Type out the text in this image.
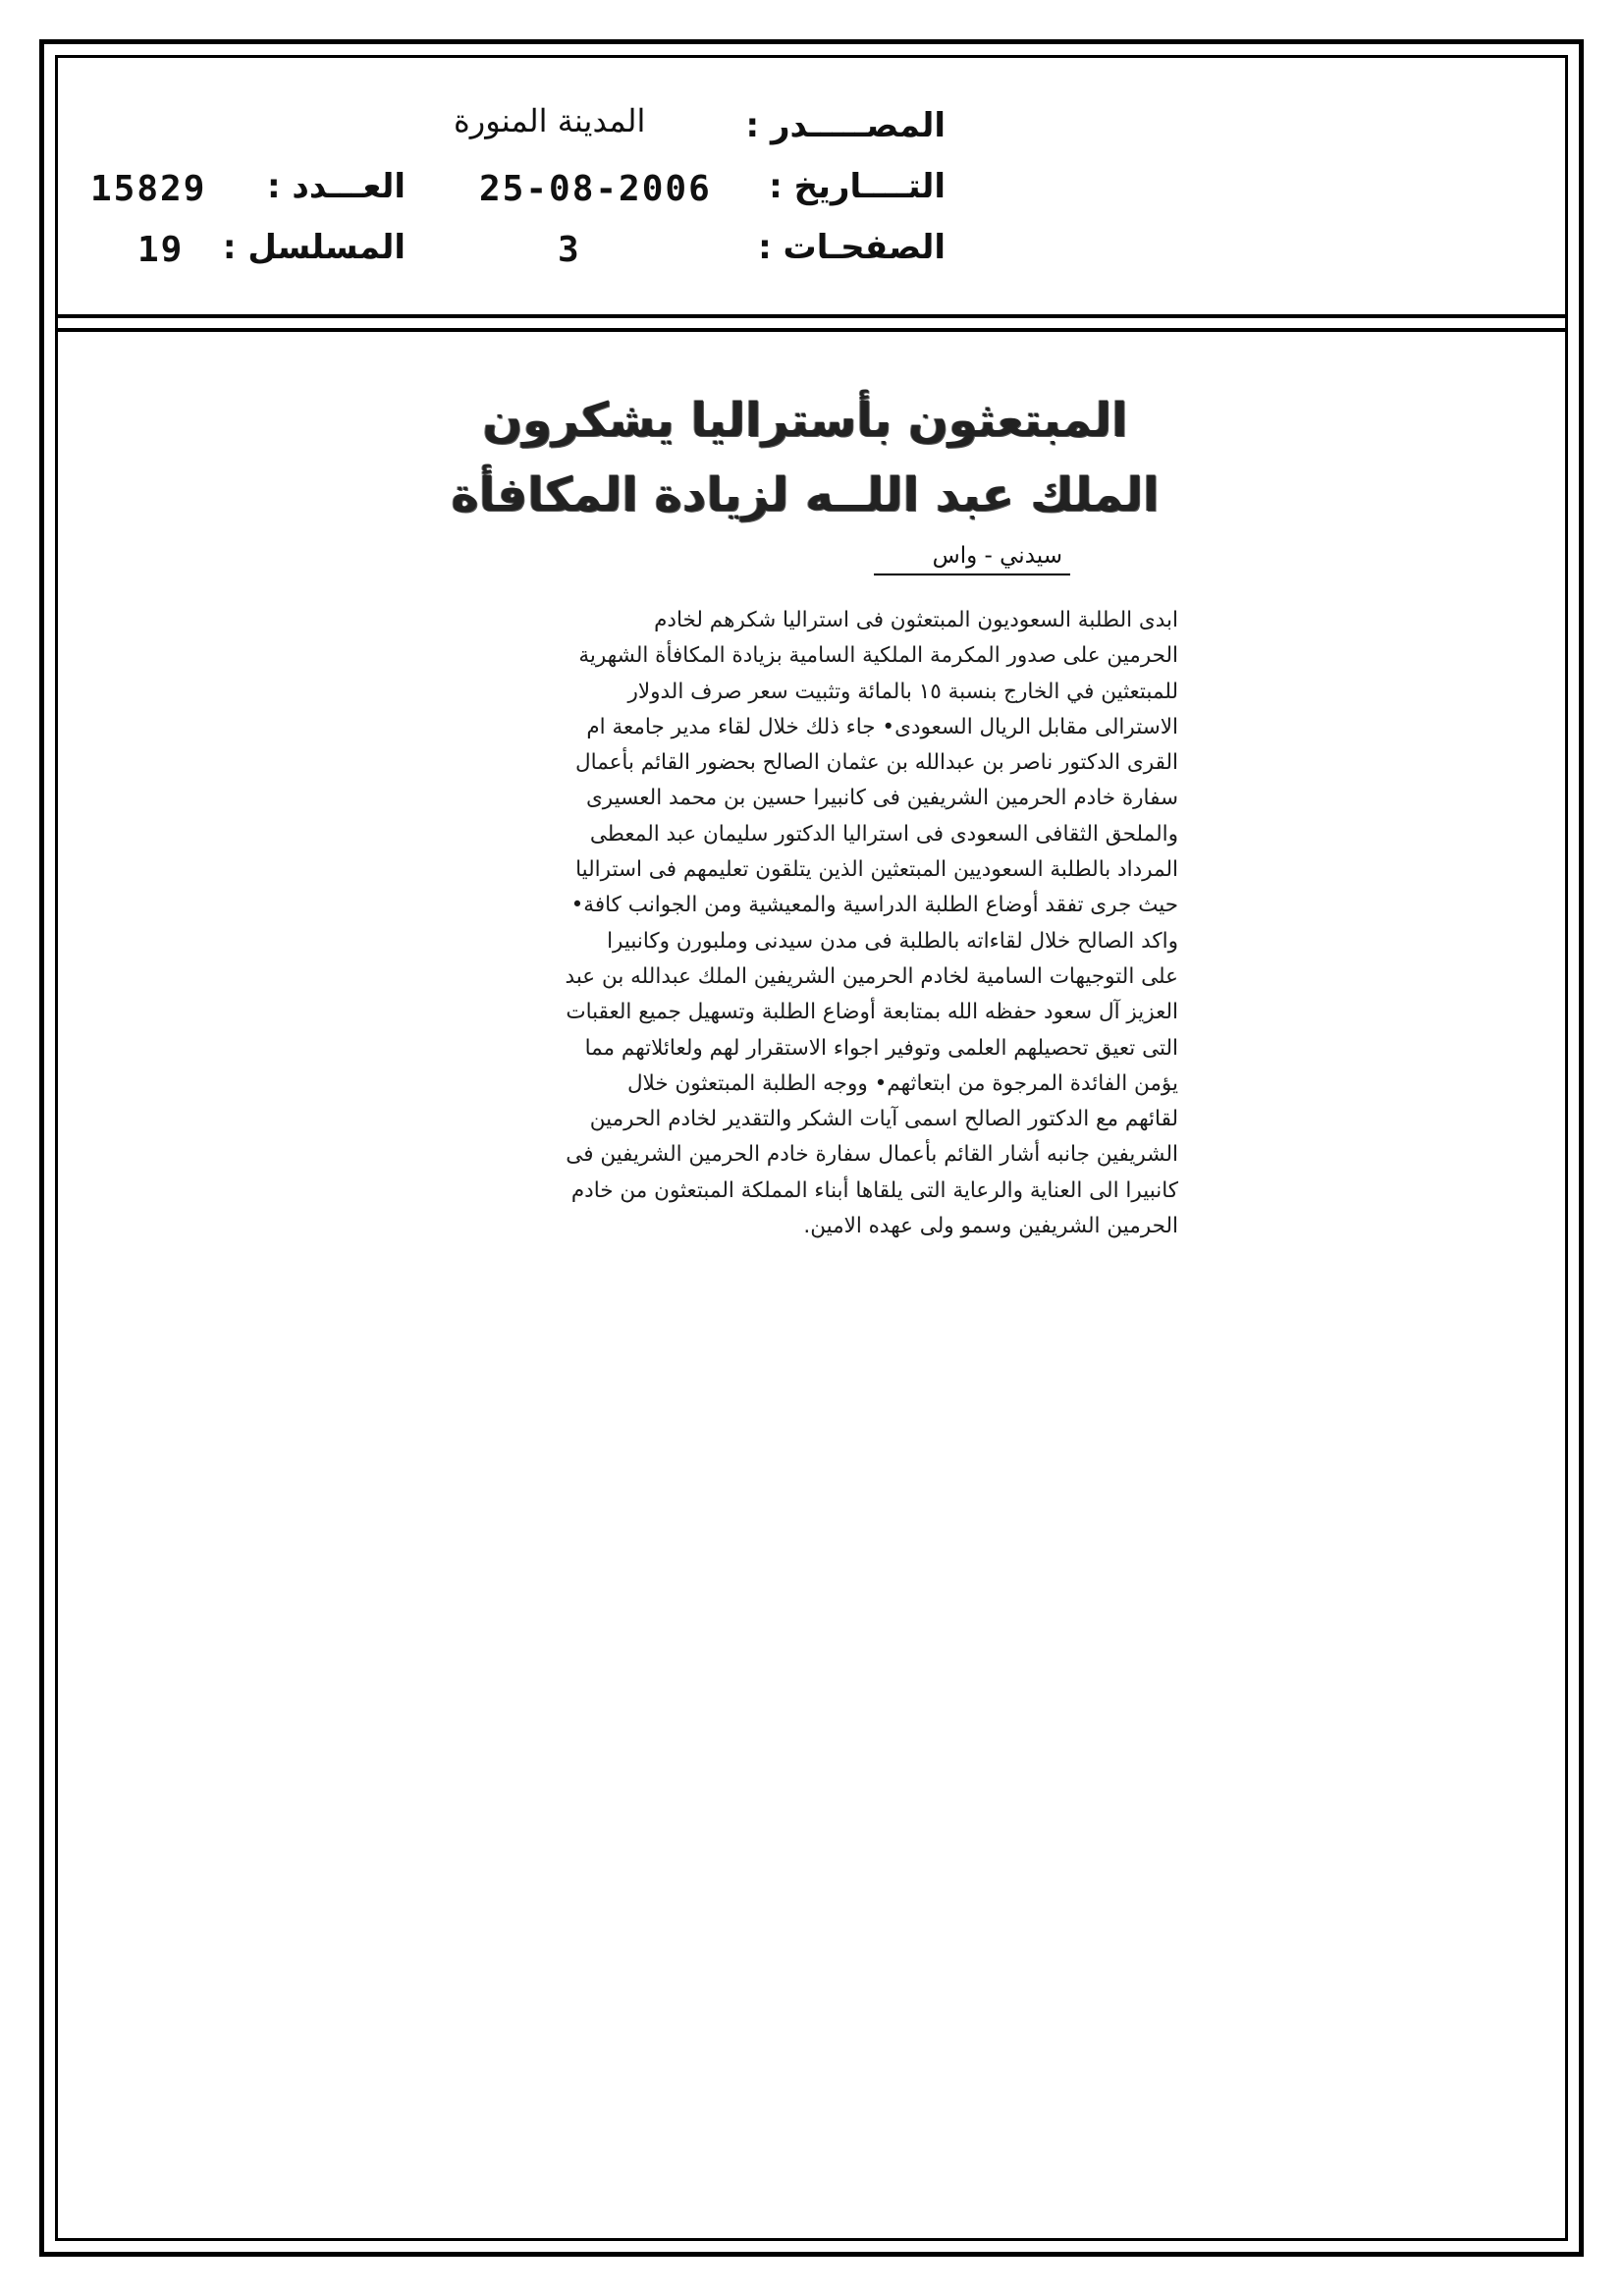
المصـــــدر :
التــــاريخ :
الصفحـات :
المدينة المنورة
25-08-2006
3
العـــدد :
المسلسل :
15829
19
المبتعثون بأستراليا يشكرون
الملك عبد اللــه لزيادة المكافأة
سيدني - واس
ابدى الطلبة السعوديون المبتعثون فى استراليا شكرهم لخادم
الحرمين على صدور المكرمة الملكية السامية بزيادة المكافأة الشهرية
للمبتعثين في الخارج بنسبة ١٥ بالمائة وتثبيت سعر صرف الدولار
الاسترالى مقابل الريال السعودى• جاء ذلك خلال لقاء مدير جامعة ام
القرى الدكتور ناصر بن عبدالله بن عثمان الصالح بحضور القائم بأعمال
سفارة خادم الحرمين الشريفين فى كانبيرا حسين بن محمد العسيرى
والملحق الثقافى السعودى فى استراليا الدكتور سليمان عبد المعطى
المرداد بالطلبة السعوديين المبتعثين الذين يتلقون تعليمهم فى استراليا
حيث جرى تفقد أوضاع الطلبة الدراسية والمعيشية ومن الجوانب كافة•
واكد الصالح خلال لقاءاته بالطلبة فى مدن سيدنى وملبورن وكانبيرا
على التوجيهات السامية لخادم الحرمين الشريفين الملك عبدالله بن عبد
العزيز آل سعود حفظه الله بمتابعة أوضاع الطلبة وتسهيل جميع العقبات
التى تعيق تحصيلهم العلمى وتوفير اجواء الاستقرار لهم ولعائلاتهم مما
يؤمن الفائدة المرجوة من ابتعاثهم• ووجه الطلبة المبتعثون خلال
لقائهم مع الدكتور الصالح اسمى آيات الشكر والتقدير لخادم الحرمين
الشريفين جانبه أشار القائم بأعمال سفارة خادم الحرمين الشريفين فى
كانبيرا الى العناية والرعاية التى يلقاها أبناء المملكة المبتعثون من خادم
الحرمين الشريفين وسمو ولى عهده الامين.
